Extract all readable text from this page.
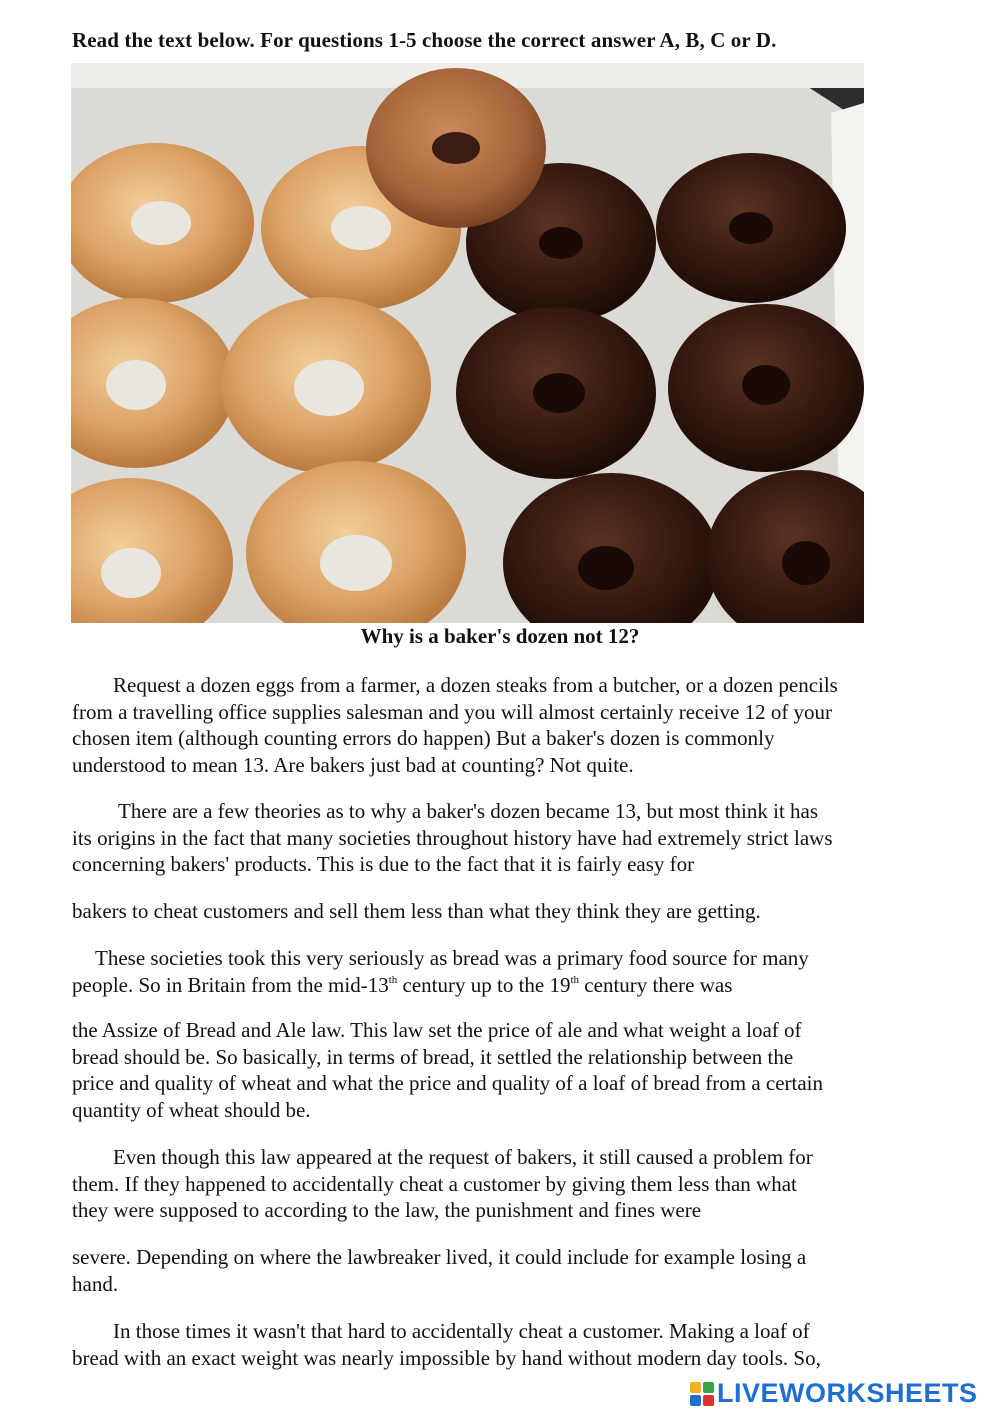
Read the text below. For questions 1-5 choose the correct answer A, B, C or D.
Why is a baker's dozen not 12?
Request a dozen eggs from a farmer, a dozen steaks from a butcher, or a dozen pencils
from a travelling office supplies salesman and you will almost certainly receive 12 of your
chosen item (although counting errors do happen) But a baker's dozen is commonly
understood to mean 13. Are bakers just bad at counting? Not quite.
There are a few theories as to why a baker's dozen became 13, but most think it has
its origins in the fact that many societies throughout history have had extremely strict laws
concerning bakers' products. This is due to the fact that it is fairly easy for
bakers to cheat customers and sell them less than what they think they are getting.
These societies took this very seriously as bread was a primary food source for many
people. So in Britain from the mid-13th century up to the 19th century there was
the Assize of Bread and Ale law. This law set the price of ale and what weight a loaf of
bread should be. So basically, in terms of bread, it settled the relationship between the
price and quality of wheat and what the price and quality of a loaf of bread from a certain
quantity of wheat should be.
Even though this law appeared at the request of bakers, it still caused a problem for
them. If they happened to accidentally cheat a customer by giving them less than what
they were supposed to according to the law, the punishment and fines were
severe. Depending on where the lawbreaker lived, it could include for example losing a
hand.
In those times it wasn't that hard to accidentally cheat a customer. Making a loaf of
bread with an exact weight was nearly impossible by hand without modern day tools. So,
LIVEWORKSHEETS
